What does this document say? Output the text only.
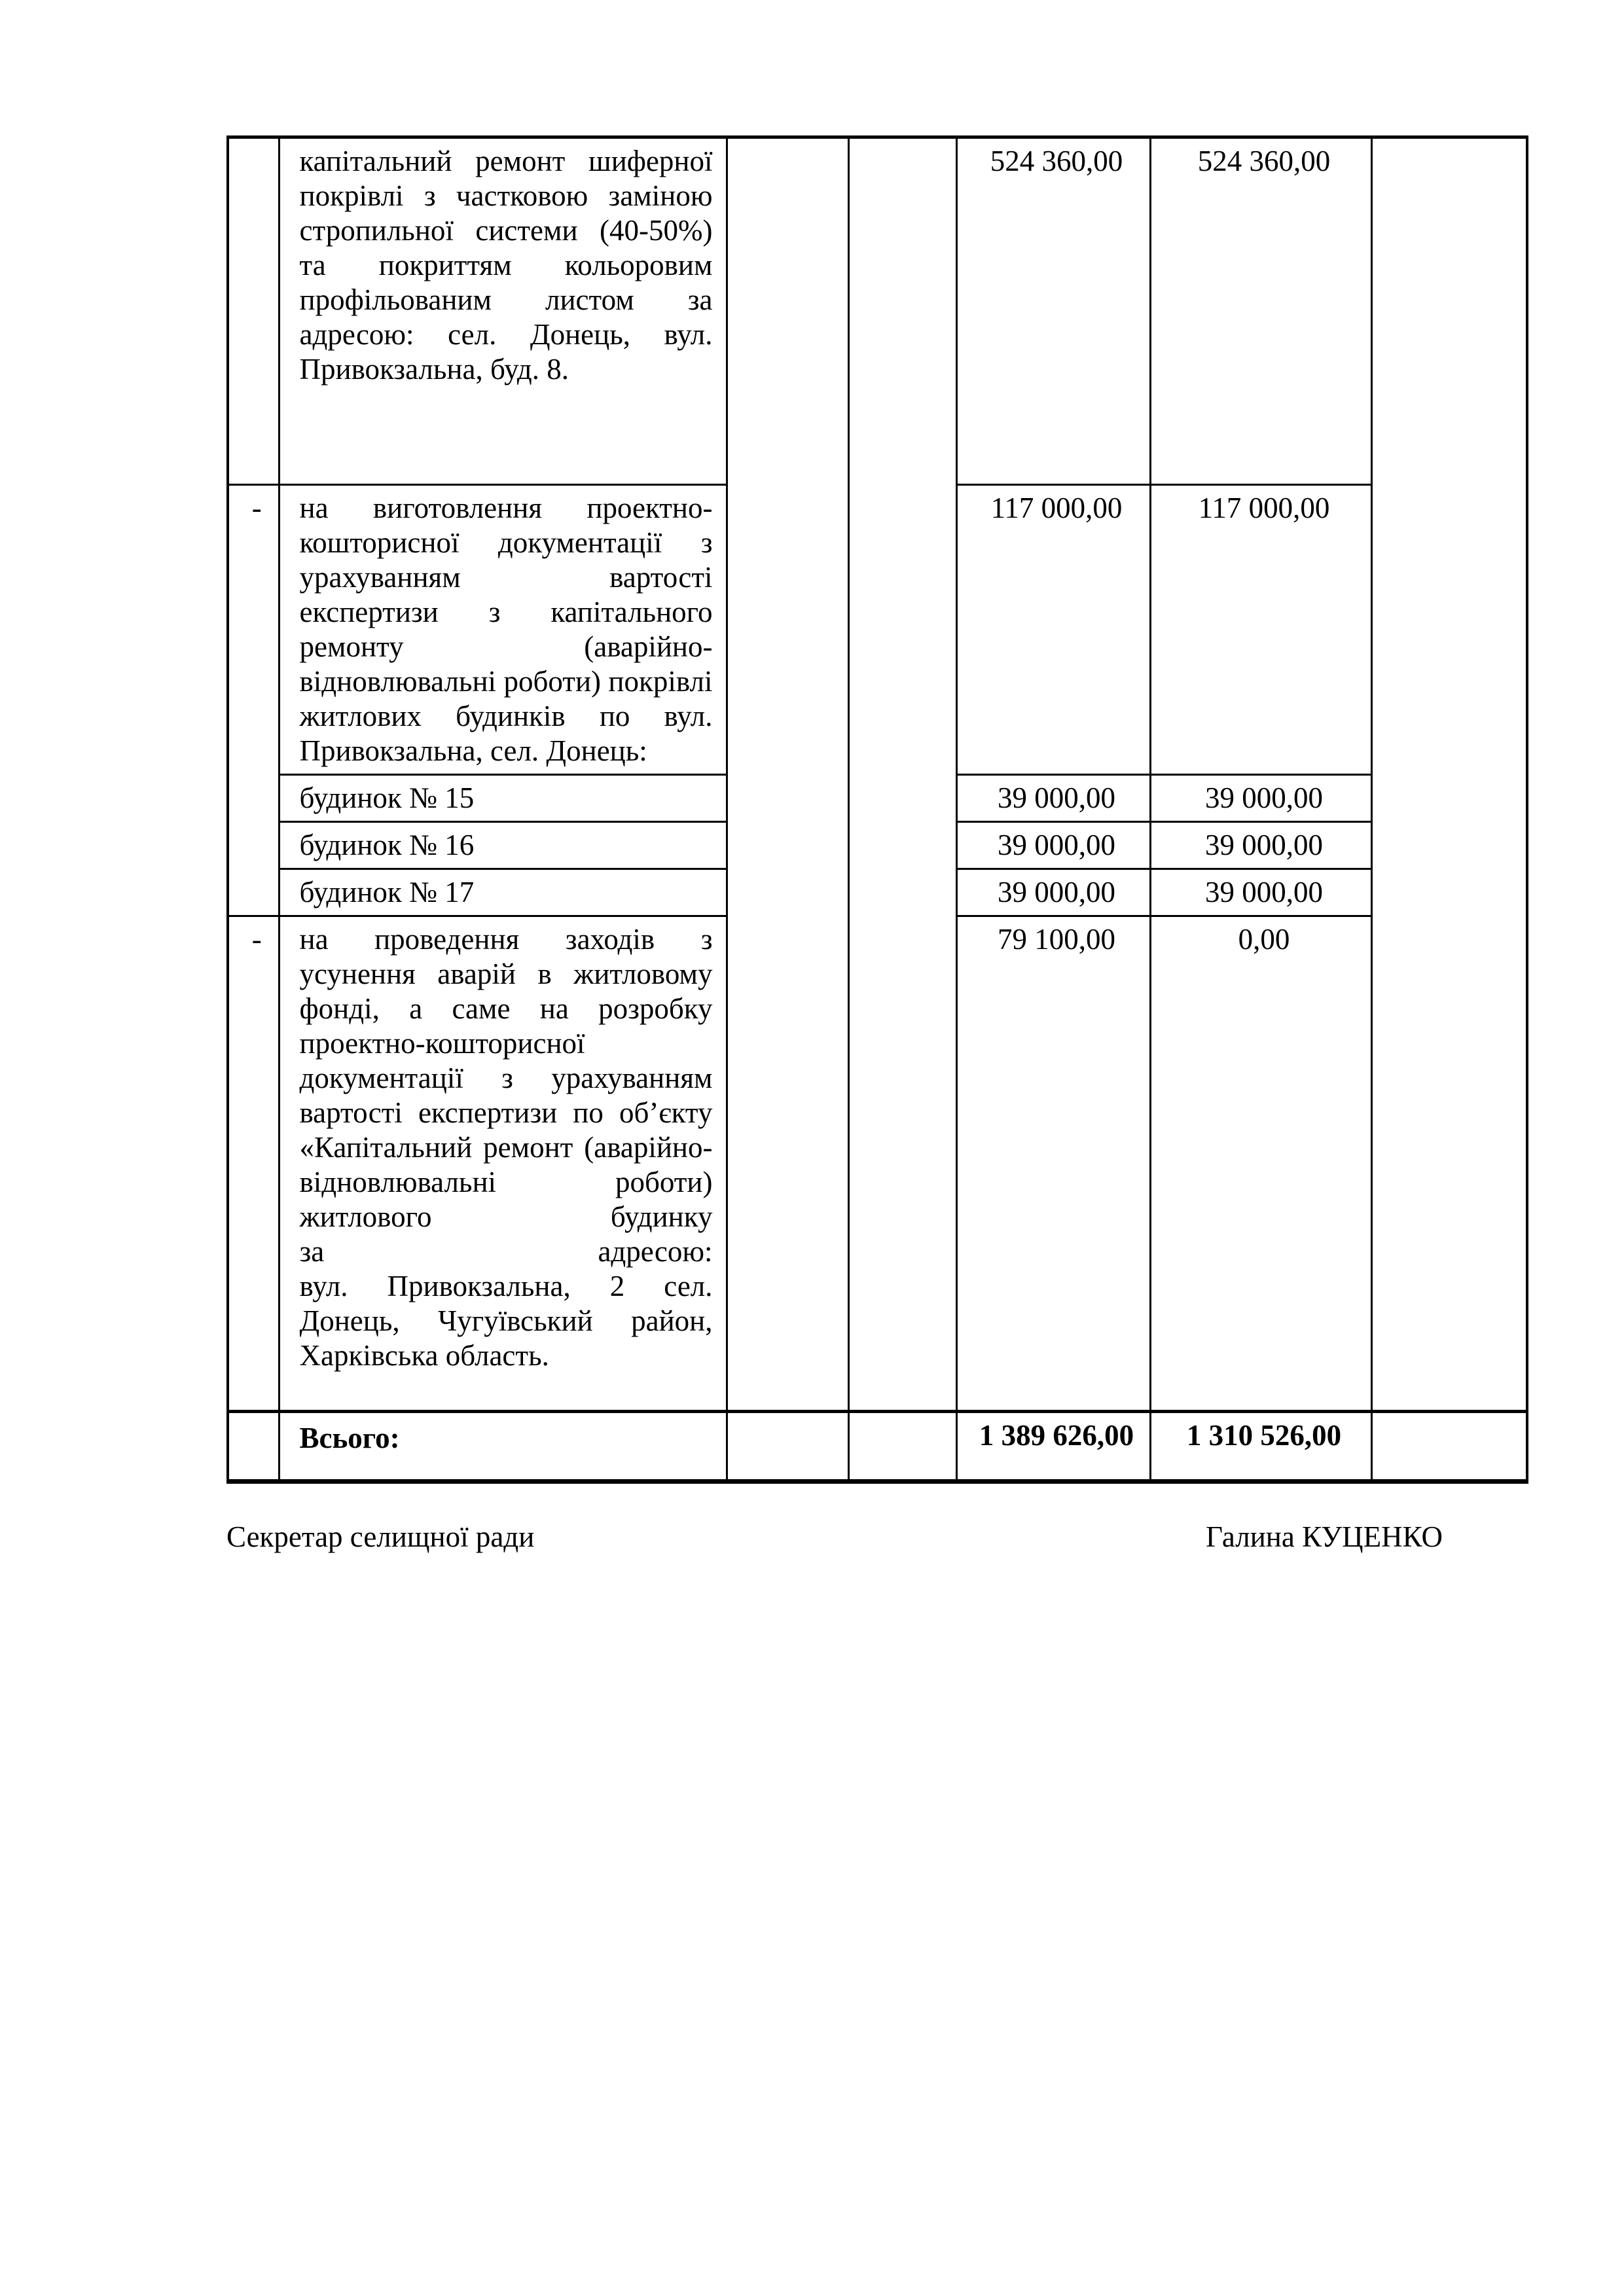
	капітальний ремонт шиферної покрівлі з частковою заміною стропильної системи (40-50%) та покриттям кольоровим профільованим листом за адресою: сел. Донець, вул. Привокзальна, буд. 8.			524 360,00	524 360,00	
-	на виготовлення проектно-кошторисної документації з урахуванням вартості експертизи з капітального ремонту (аварійно-відновлювальні роботи) покрівлі житлових будинків по вул. Привокзальна, сел. Донець:			117 000,00	117 000,00	
	будинок № 15			39 000,00	39 000,00	
	будинок № 16			39 000,00	39 000,00	
	будинок № 17			39 000,00	39 000,00	
-	на проведення заходів з усунення аварій в житловому фонді, а саме на розробку проектно-кошторисної документації з урахуванням вартості експертизи по об’єкту «Капітальний ремонт (аварійно-відновлювальні роботи) житлового будинку
за адресою:
вул. Привокзальна, 2 сел. Донець, Чугуївський район, Харківська область.			79 100,00	0,00	
	Всього:			1 389 626,00	1 310 526,00	
Секретар селищної ради	Галина КУЦЕНКО
